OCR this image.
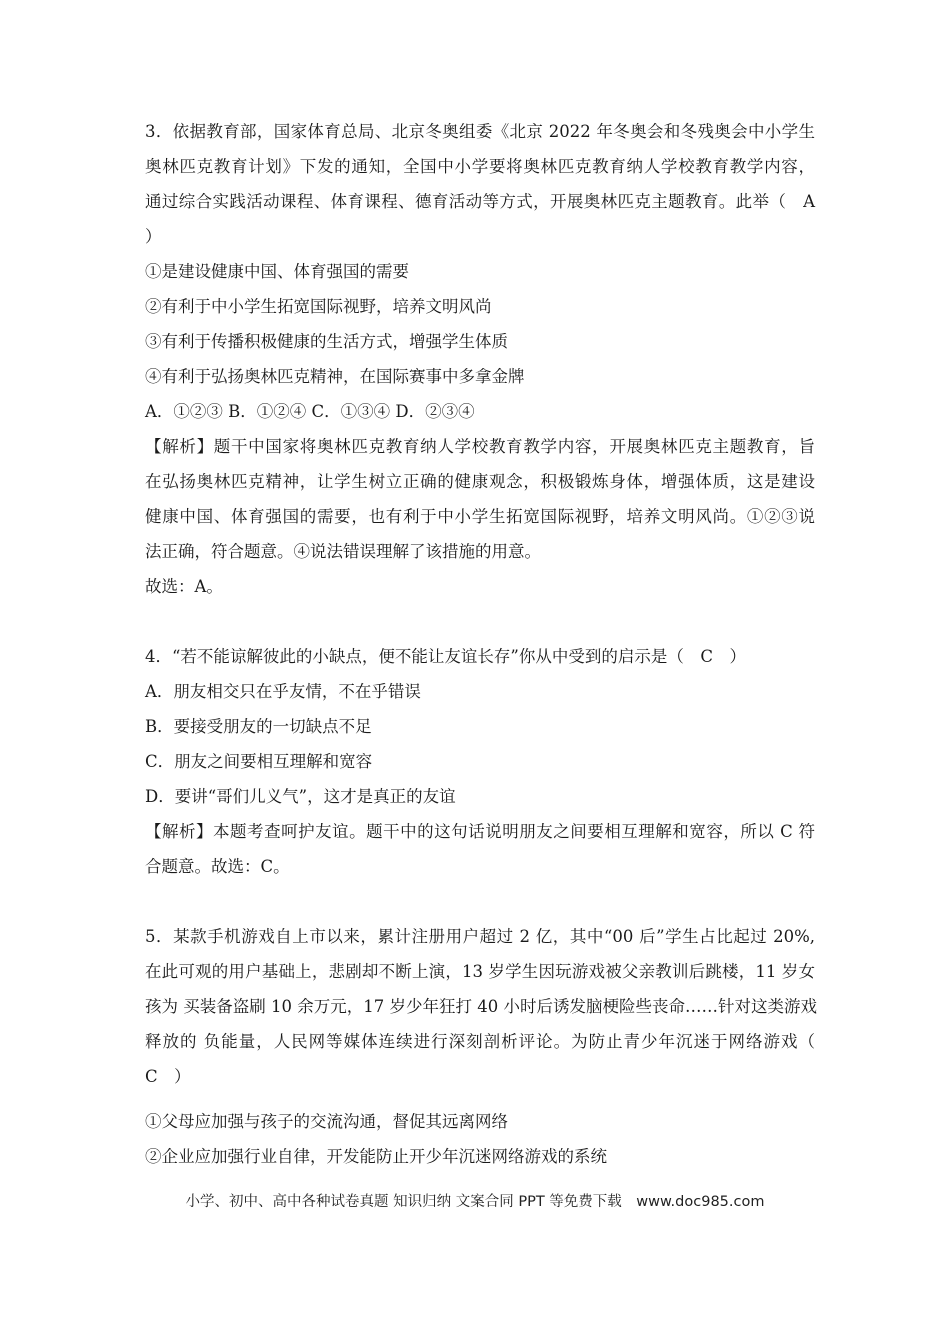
3．依据教育部，国家体育总局、北京冬奥组委《北京 2022 年冬奥会和冬残奥会中小学生
奥林匹克教育计划》下发的通知，全国中小学要将奥林匹克教育纳人学校教育教学内容，
通过综合实践活动课程、体育课程、德育活动等方式，开展奥林匹克主题教育。此举（　A
）
①是建设健康中国、体育强国的需要
②有利于中小学生拓宽国际视野，培养文明风尚
③有利于传播积极健康的生活方式，增强学生体质
④有利于弘扬奥林匹克精神，在国际赛事中多拿金牌
A．①②③ B．①②④ C．①③④ D．②③④
【解析】题干中国家将奥林匹克教育纳人学校教育教学内容，开展奥林匹克主题教育，旨
在弘扬奥林匹克精神，让学生树立正确的健康观念，积极锻炼身体，增强体质，这是建设
健康中国、体育强国的需要，也有利于中小学生拓宽国际视野，培养文明风尚。①②③说
法正确，符合题意。④说法错误理解了该措施的用意。
故选：A。
4．“若不能谅解彼此的小缺点，便不能让友谊长存”你从中受到的启示是（　C　）
A．朋友相交只在乎友情，不在乎错误
B．要接受朋友的一切缺点不足
C．朋友之间要相互理解和宽容
D．要讲“哥们儿义气”，这才是真正的友谊
【解析】本题考查呵护友谊。题干中的这句话说明朋友之间要相互理解和宽容，所以 C 符
合题意。故选：C。
5．某款手机游戏自上市以来，累计注册用户超过 2 亿，其中“00 后”学生占比起过 20%,
在此可观的用户基础上，悲剧却不断上演，13 岁学生因玩游戏被父亲教训后跳楼，11 岁女
孩为 买装备盗刷 10 余万元，17 岁少年狂打 40 小时后诱发脑梗险些丧命……针对这类游戏
释放的 负能量，人民网等媒体连续进行深刻剖析评论。为防止青少年沉迷于网络游戏（
C　）
①父母应加强与孩子的交流沟通，督促其远离网络
②企业应加强行业自律，开发能防止开少年沉迷网络游戏的系统
小学、初中、高中各种试卷真题 知识归纳 文案合同 PPT 等免费下载　www.doc985.com
